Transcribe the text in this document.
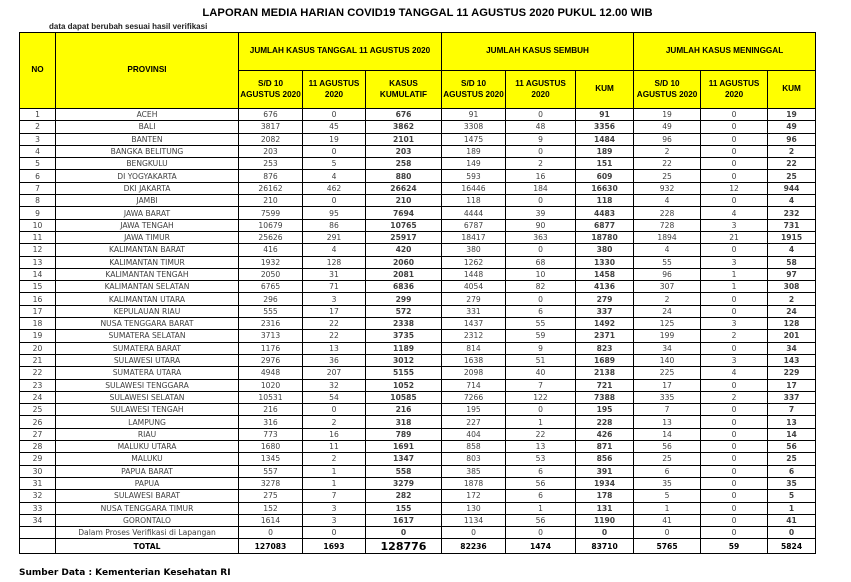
LAPORAN MEDIA HARIAN COVID19 TANGGAL 11 AGUSTUS 2020 PUKUL 12.00 WIB
data dapat berubah sesuai hasil verifikasi
NO	PROVINSI	JUMLAH KASUS TANGGAL 11 AGUSTUS 2020			JUMLAH KASUS SEMBUH			JUMLAH KASUS MENINGGAL		
		S/D 10 AGUSTUS 2020	11 AGUSTUS 2020	KASUS KUMULATIF	S/D 10 AGUSTUS 2020	11 AGUSTUS 2020	KUM	S/D 10 AGUSTUS 2020	11 AGUSTUS 2020	KUM
1	ACEH	676	0	676	91	0	91	19	0	19
2	BALI	3817	45	3862	3308	48	3356	49	0	49
3	BANTEN	2082	19	2101	1475	9	1484	96	0	96
4	BANGKA BELITUNG	203	0	203	189	0	189	2	0	2
5	BENGKULU	253	5	258	149	2	151	22	0	22
6	DI YOGYAKARTA	876	4	880	593	16	609	25	0	25
7	DKI JAKARTA	26162	462	26624	16446	184	16630	932	12	944
8	JAMBI	210	0	210	118	0	118	4	0	4
9	JAWA BARAT	7599	95	7694	4444	39	4483	228	4	232
10	JAWA TENGAH	10679	86	10765	6787	90	6877	728	3	731
11	JAWA TIMUR	25626	291	25917	18417	363	18780	1894	21	1915
12	KALIMANTAN BARAT	416	4	420	380	0	380	4	0	4
13	KALIMANTAN TIMUR	1932	128	2060	1262	68	1330	55	3	58
14	KALIMANTAN TENGAH	2050	31	2081	1448	10	1458	96	1	97
15	KALIMANTAN SELATAN	6765	71	6836	4054	82	4136	307	1	308
16	KALIMANTAN UTARA	296	3	299	279	0	279	2	0	2
17	KEPULAUAN RIAU	555	17	572	331	6	337	24	0	24
18	NUSA TENGGARA BARAT	2316	22	2338	1437	55	1492	125	3	128
19	SUMATERA SELATAN	3713	22	3735	2312	59	2371	199	2	201
20	SUMATERA BARAT	1176	13	1189	814	9	823	34	0	34
21	SULAWESI UTARA	2976	36	3012	1638	51	1689	140	3	143
22	SUMATERA UTARA	4948	207	5155	2098	40	2138	225	4	229
23	SULAWESI TENGGARA	1020	32	1052	714	7	721	17	0	17
24	SULAWESI SELATAN	10531	54	10585	7266	122	7388	335	2	337
25	SULAWESI TENGAH	216	0	216	195	0	195	7	0	7
26	LAMPUNG	316	2	318	227	1	228	13	0	13
27	RIAU	773	16	789	404	22	426	14	0	14
28	MALUKU UTARA	1680	11	1691	858	13	871	56	0	56
29	MALUKU	1345	2	1347	803	53	856	25	0	25
30	PAPUA BARAT	557	1	558	385	6	391	6	0	6
31	PAPUA	3278	1	3279	1878	56	1934	35	0	35
32	SULAWESI BARAT	275	7	282	172	6	178	5	0	5
33	NUSA TENGGARA TIMUR	152	3	155	130	1	131	1	0	1
34	GORONTALO	1614	3	1617	1134	56	1190	41	0	41
	Dalam Proses Verifikasi di Lapangan	0	0	0	0	0	0	0	0	0
	TOTAL	127083	1693	128776	82236	1474	83710	5765	59	5824
Sumber Data : Kementerian Kesehatan RI
